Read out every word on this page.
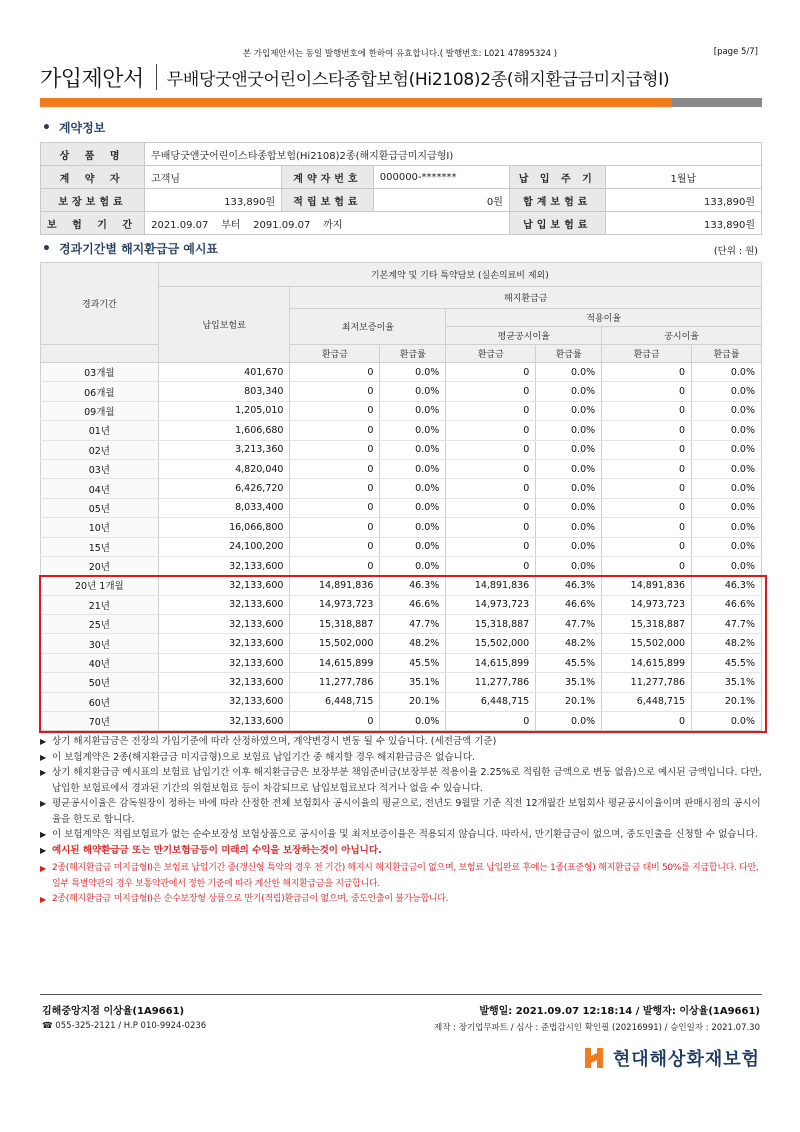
본 가입제안서는 동일 발행번호에 한하여 유효합니다.( 발행번호: L021 47895324 )	[page 5/7]
가입제안서 무배당굿앤굿어린이스타종합보험(Hi2108)2종(해지환급금미지급형Ⅰ)
• 계약정보
상 품 명	무배당굿앤굿어린이스타종합보험(Hi2108)2종(해지환급금미지급형Ⅰ)				
계 약 자	고객님	계약자번호	000000-*******	납 입 주 기	1월납
보장보험료	133,890원	적립보험료	0원	합계보험료	133,890원
보 험 기 간	2021.09.07 부터 2091.09.07 까지			납입보험료	133,890원
• 경과기간별 해지환급금 예시표	(단위 : 원)
경과기간	기본계약 및 기타 특약담보 (실손의료비 제외)						
	납입보험료	해지환급금					
		최저보증이율		적용이율			
				평균공시이율		공시이율	
		환급금	환급률	환급금	환급률	환급금	환급률
03개월	401,670	0	0.0%	0	0.0%	0	0.0%
06개월	803,340	0	0.0%	0	0.0%	0	0.0%
09개월	1,205,010	0	0.0%	0	0.0%	0	0.0%
01년	1,606,680	0	0.0%	0	0.0%	0	0.0%
02년	3,213,360	0	0.0%	0	0.0%	0	0.0%
03년	4,820,040	0	0.0%	0	0.0%	0	0.0%
04년	6,426,720	0	0.0%	0	0.0%	0	0.0%
05년	8,033,400	0	0.0%	0	0.0%	0	0.0%
10년	16,066,800	0	0.0%	0	0.0%	0	0.0%
15년	24,100,200	0	0.0%	0	0.0%	0	0.0%
20년	32,133,600	0	0.0%	0	0.0%	0	0.0%
20년 1개월	32,133,600	14,891,836	46.3%	14,891,836	46.3%	14,891,836	46.3%
21년	32,133,600	14,973,723	46.6%	14,973,723	46.6%	14,973,723	46.6%
25년	32,133,600	15,318,887	47.7%	15,318,887	47.7%	15,318,887	47.7%
30년	32,133,600	15,502,000	48.2%	15,502,000	48.2%	15,502,000	48.2%
40년	32,133,600	14,615,899	45.5%	14,615,899	45.5%	14,615,899	45.5%
50년	32,133,600	11,277,786	35.1%	11,277,786	35.1%	11,277,786	35.1%
60년	32,133,600	6,448,715	20.1%	6,448,715	20.1%	6,448,715	20.1%
70년	32,133,600	0	0.0%	0	0.0%	0	0.0%
▶ 상기 해지환급금은 전장의 가입기준에 따라 산정하였으며, 계약변경시 변동 될 수 있습니다. (세전금액 기준)
▶ 이 보험계약은 2종(해지환급금 미지급형)으로 보험료 납입기간 중 해지할 경우 해지환급금은 없습니다.
▶ 상기 해지환급금 예시표의 보험료 납입기간 이후 해지환급금은 보장부분 책임준비금(보장부분 적용이율 2.25%로 적립한 금액으로 변동 없음)으로 예시된 금액입니다. 다만, 납입한 보험료에서 경과된 기간의 위험보험료 등이 차감되므로 납입보험료보다 적거나 없을 수 있습니다.
▶ 평균공시이율은 감독원장이 정하는 바에 따라 산정한 전체 보험회사 공시이율의 평균으로, 전년도 9월말 기준 직전 12개월간 보험회사 평균공시이율이며 판매시점의 공시이율을 한도로 합니다.
▶ 이 보험계약은 적립보험료가 없는 순수보장성 보험상품으로 공시이율 및 최저보증이율은 적용되지 않습니다. 따라서, 만기환급금이 없으며, 중도인출을 신청할 수 없습니다.
▶ 예시된 해약환급금 또는 만기보험금등이 미래의 수익을 보장하는것이 아닙니다.
▶ 2종(해지환급금 미지급형Ⅰ)은 보험료 납입기간 중(갱신형 특약의 경우 전 기간) 해지시 해지환급금이 없으며, 보험료 납입완료 후에는 1종(표준형) 해지환급금 대비 50%를 지급합니다. 다만, 일부 특별약관의 경우 보통약관에서 정한 기준에 따라 계산한 해지환급금을 지급합니다.
▶ 2종(해지환급금 미지급형Ⅰ)은 순수보장형 상품으로 만기(적립)환급금이 없으며, 중도인출이 불가능합니다.
김해중앙지점 이상율(1A9661)	발행일: 2021.09.07 12:18:14 / 발행자: 이상율(1A9661)
☎ 055-325-2121 / H.P 010-9924-0236	제작 : 장기업무파트 / 심사 : 준법감시인 확인필 (20216991) / 승인일자 : 2021.07.30
현대해상화재보험
